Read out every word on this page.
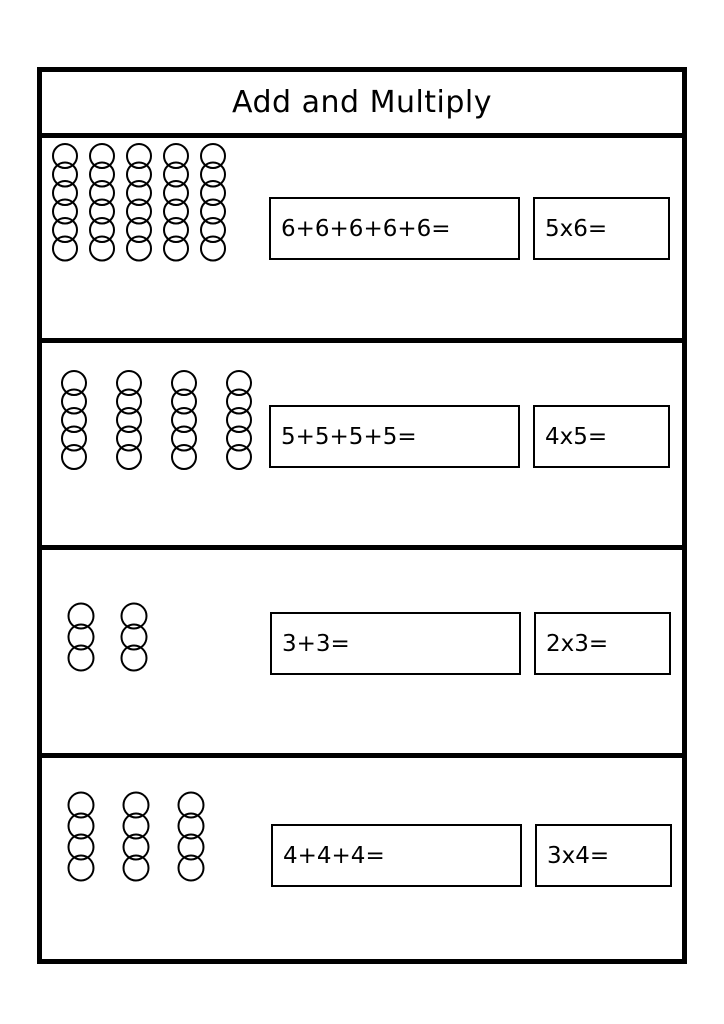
Add and Multiply
6+6+6+6+6=	5x6=
5+5+5+5=	4x5=
3+3=	2x3=
4+4+4=	3x4=
